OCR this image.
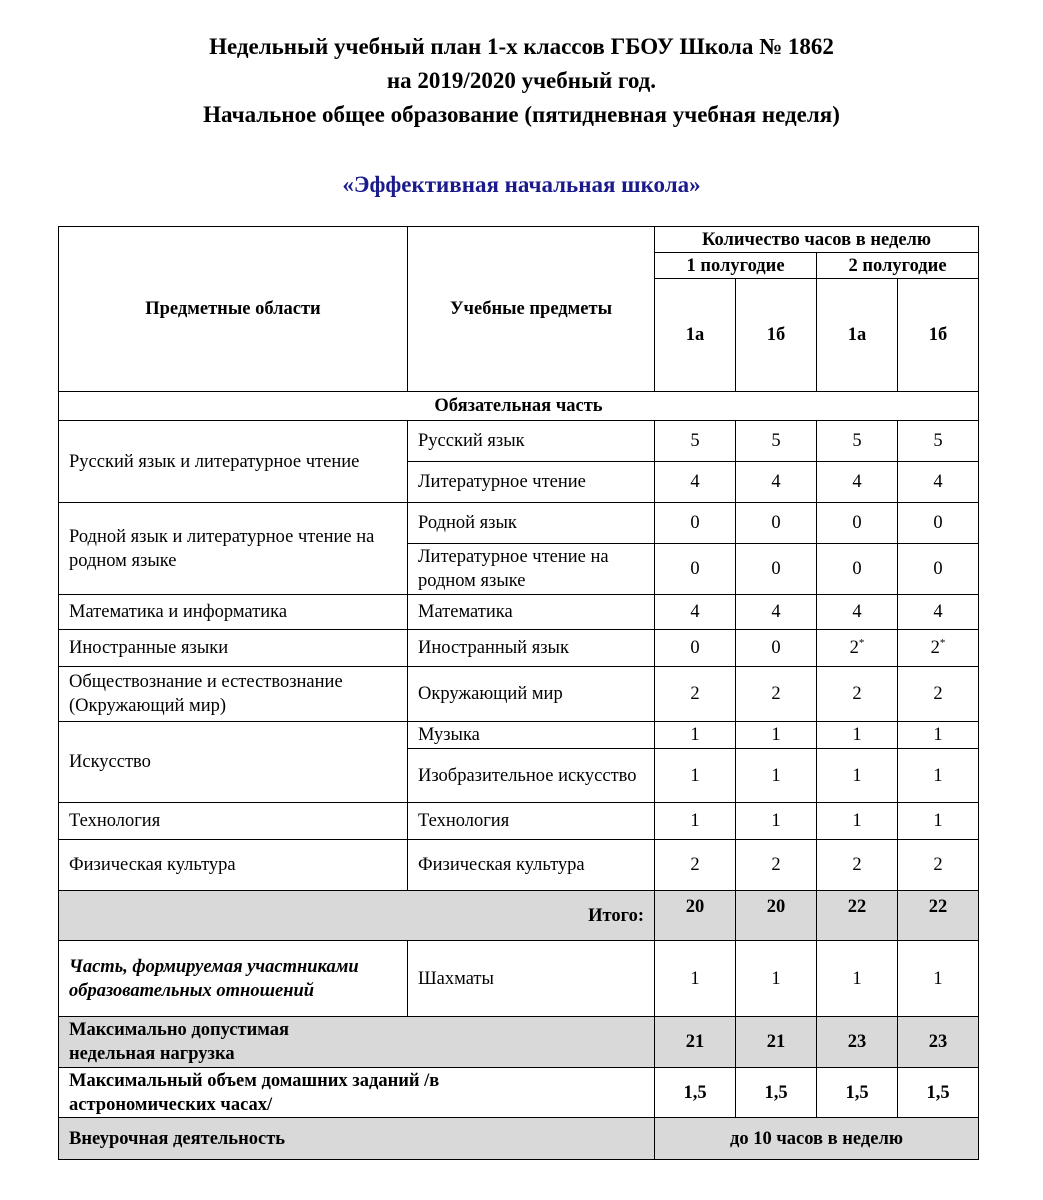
Недельный учебный план 1-х классов ГБОУ Школа № 1862

на 2019/2020 учебный год.

Начальное общее образование (пятидневная учебная неделя)

«Эффективная начальная школа»
Предметные области	Учебные предметы	Количество часов в неделю			
		1 полугодие		2 полугодие	
		1а	1б	1а	1б
Обязательная часть					
Русский язык и литературное чтение	Русский язык	5	5	5	5
	Литературное чтение	4	4	4	4
Родной язык и литературное чтение на родном языке	Родной язык	0	0	0	0
	Литературное чтение на родном языке	0	0	0	0
Математика и информатика	Математика	4	4	4	4
Иностранные языки	Иностранный язык	0	0	2*	2*
Обществознание и естествознание (Окружающий мир)	Окружающий мир	2	2	2	2
Искусство	Музыка	1	1	1	1
	Изобразительное искусство	1	1	1	1
Технология	Технология	1	1	1	1
Физическая культура	Физическая культура	2	2	2	2
Итого:		20	20	22	22
Часть, формируемая участниками образовательных отношений	Шахматы	1	1	1	1
Максимально допустимая недельная нагрузка		21	21	23	23
Максимальный объем домашних заданий /в астрономических часах/		1,5	1,5	1,5	1,5
Внеурочная деятельность		до 10 часов в неделю			
